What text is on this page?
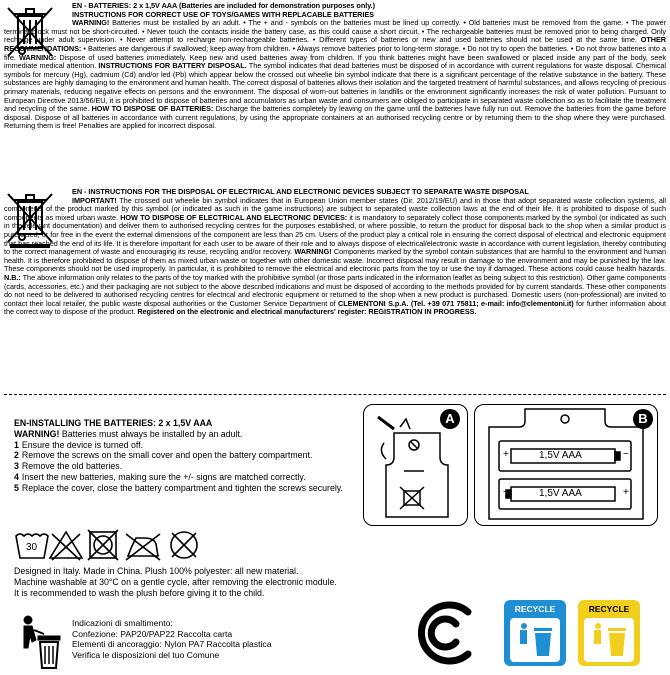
EN - BATTERIES: 2 x 1,5V AAA (Batteries are included for demonstration purposes only.)
INSTRUCTIONS FOR CORRECT USE OF TOYS/GAMES WITH REPLACABLE BATTERIES
WARNING! Batteries must be installed by an adult. • The + and - symbols on the batteries must be lined up correctly. • Old batteries must be removed from the game. • The power terminal block must not be short-circuited. • Never touch the contacts inside the battery case, as this could cause a short circuit. • The rechargeable batteries must be removed prior to being charged. Only recharge under adult supervision. • Never attempt to recharge non-rechargeable batteries. • Different types of batteries or new and used batteries should not be used at the same time. OTHER RECOMMENDATIONS: • Batteries are dangerous if swallowed; keep away from children. • Always remove batteries prior to long-term storage. • Do not try to open the batteries. • Do not throw batteries into a fire. WARNING: Dispose of used batteries immediately. Keep new and used batteries away from children. If you think batteries might have been swallowed or placed inside any part of the body, seek immediate medical attention. INSTRUCTIONS FOR BATTERY DISPOSAL. The symbol indicates that dead batteries must be disposed of in accordance with current regulations for waste disposal. Chemical symbols for mercury (Hg), cadmium (Cd) and/or led (Pb) which appear below the crossed out wheelie bin symbol indicate that there is a significant percentage of the relative substance in the battery. These substances are highly damaging to the environment and human health. The correct disposal of batteries allows their isolation and the targeted treatment of harmful substances, and allows recycling of precious primary materials, reducing negative effects on persons and the environment. The disposal of worn-out batteries in landfills or the environment significantly increases the risk of water pollution. Pursuant to European Directive 2013/56/EU, it is prohibited to dispose of batteries and accumulators as urban waste and consumers are obliged to participate in separated waste collection so as to facilitate the treatment and recycling of the same. HOW TO DISPOSE OF BATTERIES: Discharge the batteries completely by leaving on the game until the batteries have fully run out. Remove the batteries from the game before disposal. Dispose of all batteries in accordance with current regulations, by using the appropriate containers at an authorised recycling centre or by returning them to the shop where they were purchased. Returning them is free! Penalties are applied for incorrect disposal.
EN - INSTRUCTIONS FOR THE DISPOSAL OF ELECTRICAL AND ELECTRONIC DEVICES SUBJECT TO SEPARATE WASTE DISPOSAL
IMPORTANT! The crossed out wheelie bin symbol indicates that in European Union member states (Dir. 2012/19/EU) and in those that adopt separated waste collection systems, all components of the product marked by this symbol (or indicated as such in the game instructions) are subject to separated waste collection laws at the end of their life. It is prohibited to dispose of such components as mixed urban waste. HOW TO DISPOSE OF ELECTRICAL AND ELECTRONIC DEVICES: it is mandatory to separately collect those components marked by the symbol (or indicated as such in the relevant documentation) and deliver them to authorised recycling centres for the purposes established, or where possible, to return the product for disposal back to the shop when a similar product is purchased, or for free in the event the external dimensions of the component are less than 25 cm. Users of the product play a critical role in ensuring the correct disposal of electrical and electronic equipment that has reached the end of its life. It is therefore important for each user to be aware of their role and to always dispose of electrical/electronic waste in accordance with current legislation, thereby contributing to the correct management of waste and encouraging its reuse, recycling and/or recovery. WARNING! Components marked by the symbol contain substances that are harmful to the environment and human health. It is therefore prohibited to dispose of them as mixed urban waste or together with other domestic waste. Incorrect disposal may result in damage to the environment and may be punished by the law. These components should not be used improperly. In particular, it is prohibited to remove the electrical and electronic parts from the toy or use the toy if damaged. These actions could cause health hazards. N.B.: The above information only relates to the parts of the toy marked with the prohibitive symbol (or those parts indicated in the information leaflet as being subject to this restriction). Other game components (cards, accessories, etc.) and their packaging are not subject to the above described indications and must be disposed of according to the methods provided for by current standards. These other components do not need to be delivered to authorised recycling centres for electrical and electronic equipment or returned to the shop when a new product is purchased. Domestic users (non-professional) are invited to contact their local retailer, the public waste disposal authorities or the Customer Service Department of CLEMENTONI S.p.A. (Tel. +39 071 75811; e-mail: info@clementoni.it) for further information about the correct way to dispose of the product. Registered on the electronic and electrical manufacturers' register: REGISTRATION IN PROGRESS.
EN-INSTALLING THE BATTERIES: 2 x 1,5V AAA
WARNING! Batteries must always be installed by an adult.
1 Ensure the device is turned off.
2 Remove the screws on the small cover and open the battery compartment.
3 Remove the old batteries.
4 Insert the new batteries, making sure the +/- signs are matched correctly.
5 Replace the cover, close the battery compartment and tighten the screws securely.
A	B
1,5V AAA
1,5V AAA
+	−
+
−
30
Designed in Italy. Made in China. Plush 100% polyester: all new material.
Machine washable at 30°C on a gentle cycle, after removing the electronic module.
It is recommended to wash the plush before giving it to the child.
Indicazioni di smaltimento:
Confezione: PAP20/PAP22 Raccolta carta
Elementi di ancoraggio: Nylon PA7 Raccolta plastica
Verifica le disposizioni del tuo Comune
RECYCLE	RECYCLE
